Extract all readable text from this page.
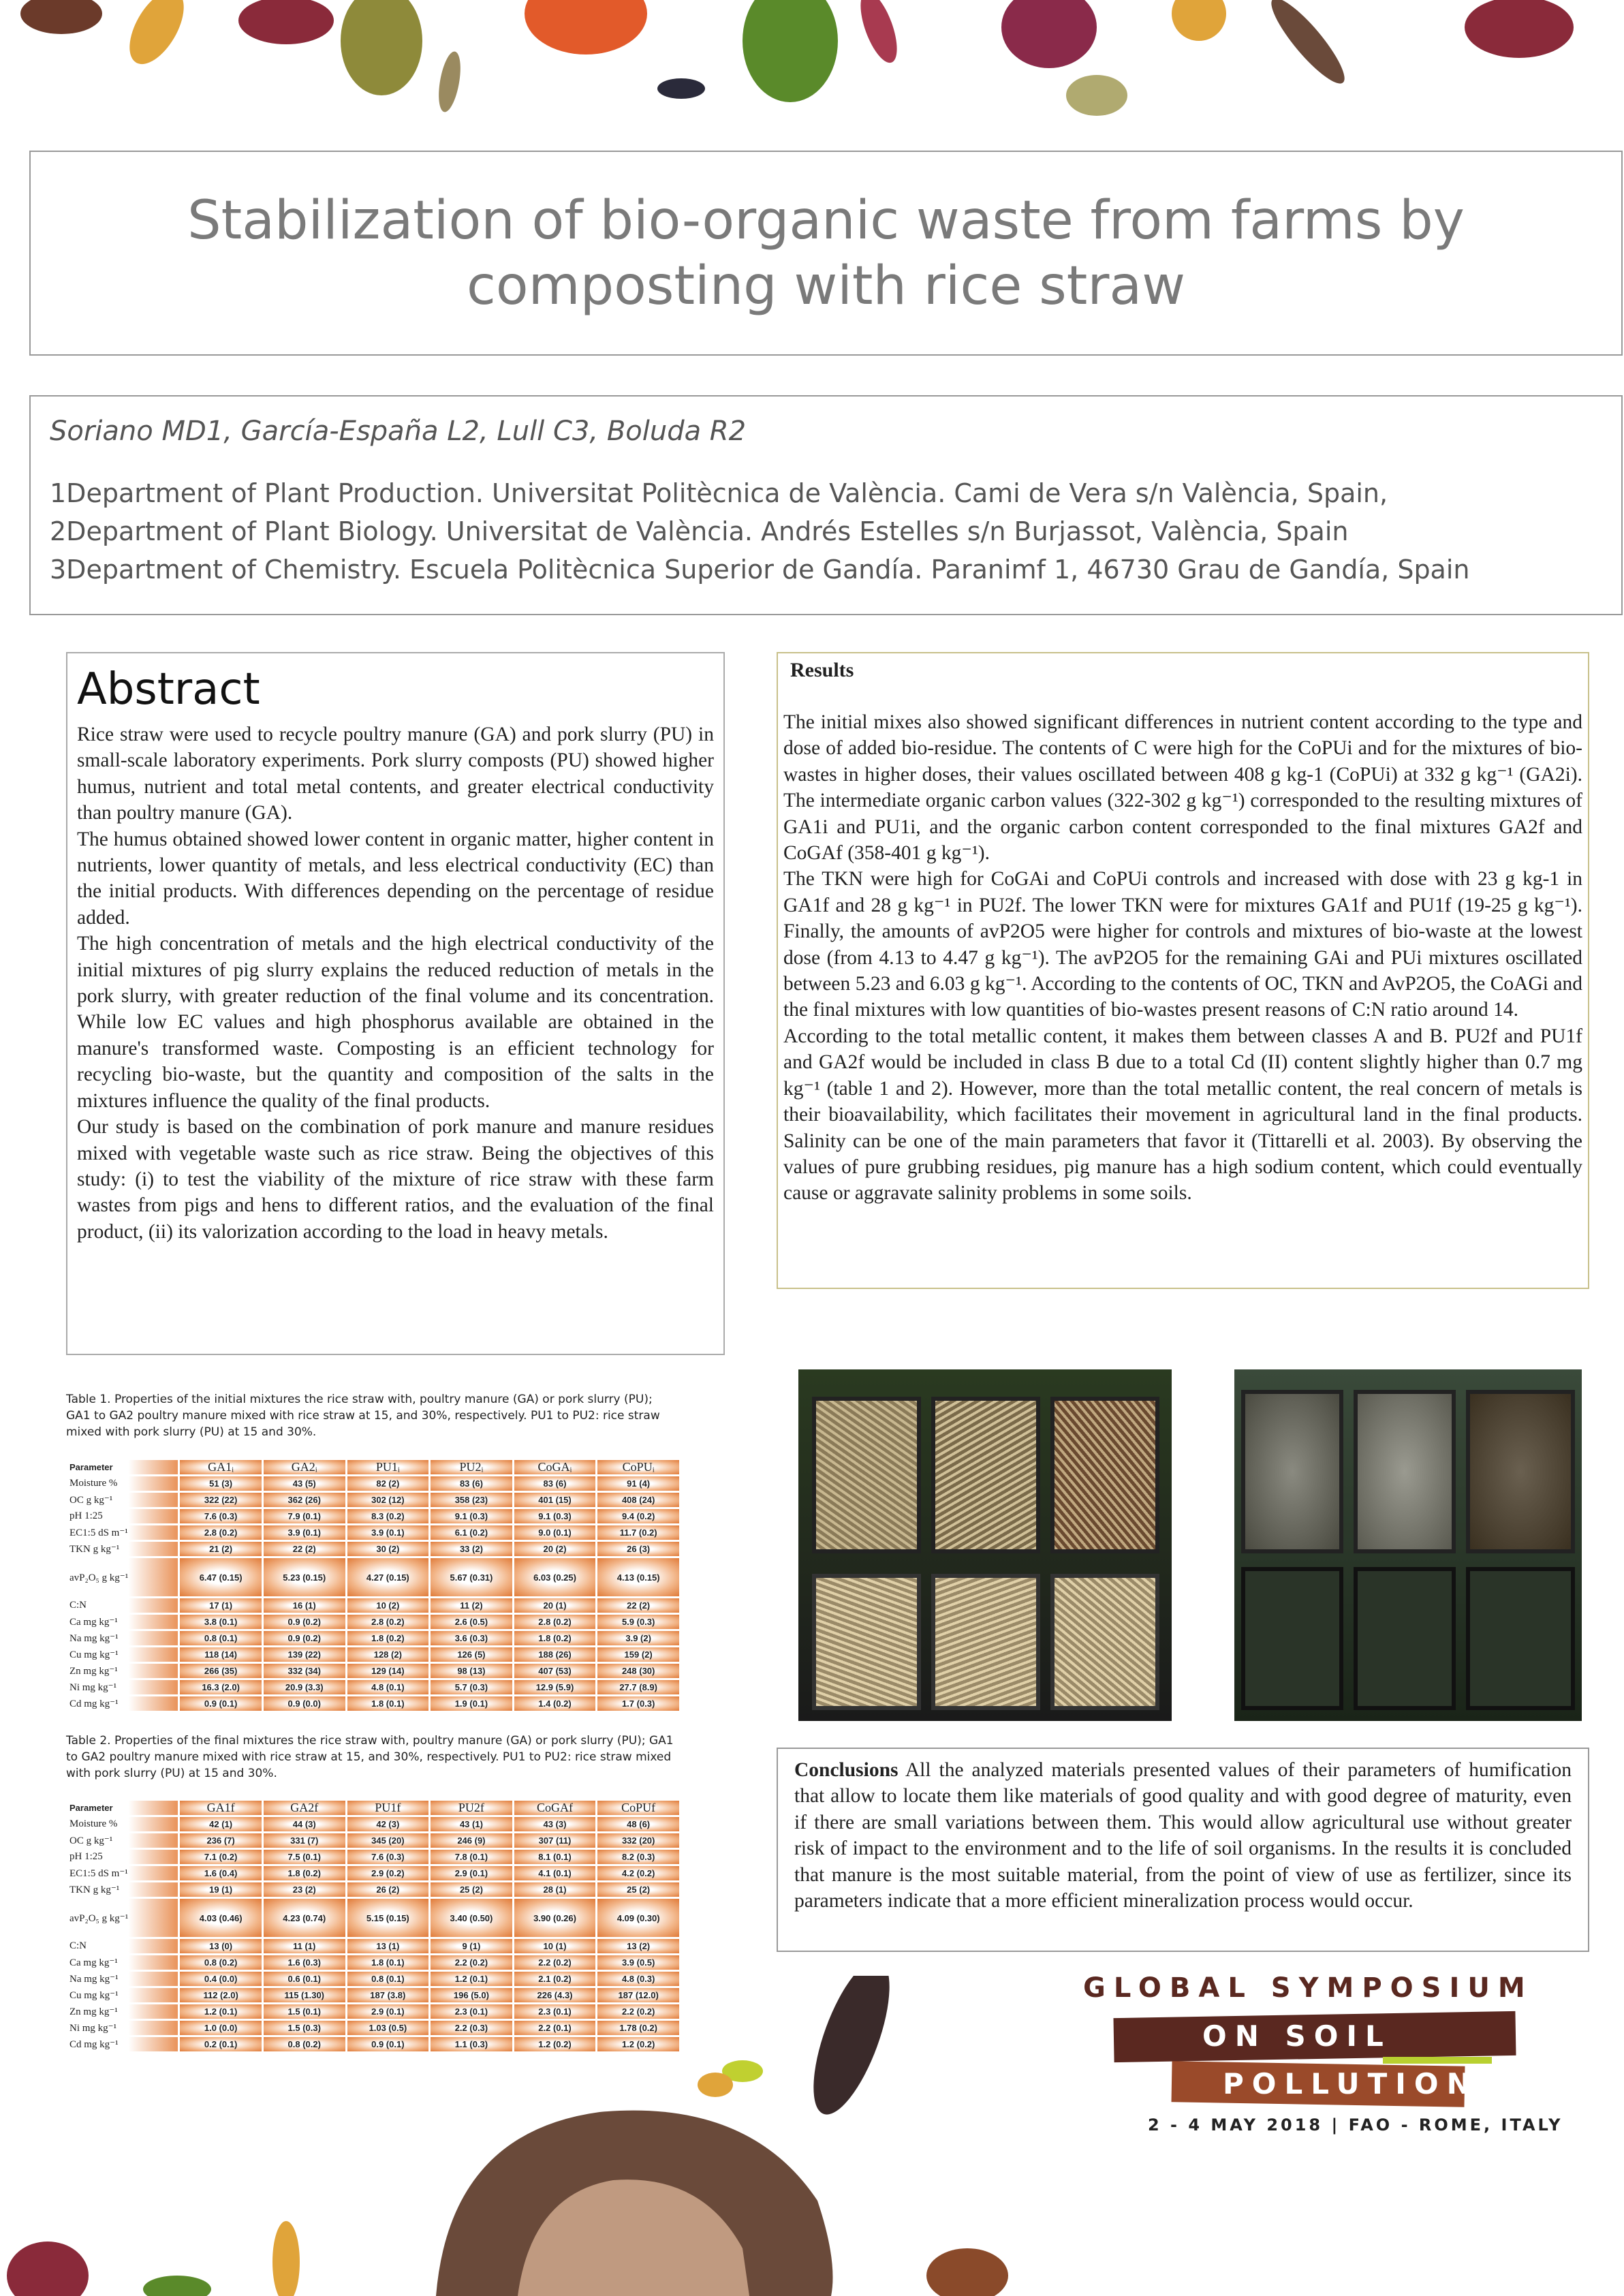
Stabilization of bio-organic waste from farms by composting with rice straw
Soriano MD1, García-España L2, Lull C3, Boluda R2
1Department of Plant Production. Universitat Politècnica de València. Cami de Vera s/n València, Spain,
2Department of Plant Biology. Universitat de València. Andrés Estelles s/n Burjassot, València, Spain
3Department of Chemistry. Escuela Politècnica Superior de Gandía. Paranimf 1, 46730 Grau de Gandía, Spain
Abstract

Rice straw were used to recycle poultry manure (GA) and pork slurry (PU) in small-scale laboratory experiments. Pork slurry composts (PU) showed higher humus, nutrient and total metal contents, and greater electrical conductivity than poultry manure (GA).

The humus obtained showed lower content in organic matter, higher content in nutrients, lower quantity of metals, and less electrical conductivity (EC) than the initial products. With differences depending on the percentage of residue added.

The high concentration of metals and the high electrical conductivity of the initial mixtures of pig slurry explains the reduced reduction of metals in the pork slurry, with greater reduction of the final volume and its concentration. While low EC values and high phosphorus available are obtained in the manure's transformed waste. Composting is an efficient technology for recycling bio-waste, but the quantity and composition of the salts in the mixtures influence the quality of the final products.

Our study is based on the combination of pork manure and manure residues mixed with vegetable waste such as rice straw. Being the objectives of this study: (i) to test the viability of the mixture of rice straw with these farm wastes from pigs and hens to different ratios, and the evaluation of the final product, (ii) its valorization according to the load in heavy metals.

Results

The initial mixes also showed significant differences in nutrient content according to the type and dose of added bio-residue. The contents of C were high for the CoPUi and for the mixtures of bio-wastes in higher doses, their values oscillated between 408 g kg-1 (CoPUi) at 332 g kg⁻¹ (GA2i). The intermediate organic carbon values (322-302 g kg⁻¹) corresponded to the resulting mixtures of GA1i and PU1i, and the organic carbon content corresponded to the final mixtures GA2f and CoGAf (358-401 g kg⁻¹).

The TKN were high for CoGAi and CoPUi controls and increased with dose with 23 g kg-1 in GA1f and 28 g kg⁻¹ in PU2f. The lower TKN were for mixtures GA1f and PU1f (19-25 g kg⁻¹). Finally, the amounts of avP2O5 were higher for controls and mixtures of bio-waste at the lowest dose (from 4.13 to 4.47 g kg⁻¹). The avP2O5 for the remaining GAi and PUi mixtures oscillated between 5.23 and 6.03 g kg⁻¹. According to the contents of OC, TKN and AvP2O5, the CoAGi and the final mixtures with low quantities of bio-wastes present reasons of C:N ratio around 14.

According to the total metallic content, it makes them between classes A and B. PU2f and PU1f and GA2f would be included in class B due to a total Cd (II) content slightly higher than 0.7 mg kg⁻¹ (table 1 and 2). However, more than the total metallic content, the real concern of metals is their bioavailability, which facilitates their movement in agricultural land in the final products. Salinity can be one of the main parameters that favor it (Tittarelli et al. 2003). By observing the values of pure grubbing residues, pig manure has a high sodium content, which could eventually cause or aggravate salinity problems in some soils.

Table 1. Properties of the initial mixtures the rice straw with, poultry manure (GA) or pork slurry (PU); GA1 to GA2 poultry manure mixed with rice straw at 15, and 30%, respectively. PU1 to PU2: rice straw mixed with pork slurry (PU) at 15 and 30%.
Parameter	GA1ᵢ	GA2ᵢ	PU1ᵢ	PU2ᵢ	CoGAᵢ	CoPUᵢ
Moisture %	51 (3)	43 (5)	82 (2)	83 (6)	83 (6)	91 (4)
OC g kg⁻¹	322 (22)	362 (26)	302 (12)	358 (23)	401 (15)	408 (24)
pH 1:25	7.6 (0.3)	7.9 (0.1)	8.3 (0.2)	9.1 (0.3)	9.1 (0.3)	9.4 (0.2)
EC1:5 dS m⁻¹	2.8 (0.2)	3.9 (0.1)	3.9 (0.1)	6.1 (0.2)	9.0 (0.1)	11.7 (0.2)
TKN g kg⁻¹	21 (2)	22 (2)	30 (2)	33 (2)	20 (2)	26 (3)
avP₂O₅ g kg⁻¹	6.47 (0.15)	5.23 (0.15)	4.27 (0.15)	5.67 (0.31)	6.03 (0.25)	4.13 (0.15)
C:N	17 (1)	16 (1)	10 (2)	11 (2)	20 (1)	22 (2)
Ca mg kg⁻¹	3.8 (0.1)	0.9 (0.2)	2.8 (0.2)	2.6 (0.5)	2.8 (0.2)	5.9 (0.3)
Na mg kg⁻¹	0.8 (0.1)	0.9 (0.2)	1.8 (0.2)	3.6 (0.3)	1.8 (0.2)	3.9 (2)
Cu mg kg⁻¹	118 (14)	139 (22)	128 (2)	126 (5)	188 (26)	159 (2)
Zn mg kg⁻¹	266 (35)	332 (34)	129 (14)	98 (13)	407 (53)	248 (30)
Ni mg kg⁻¹	16.3 (2.0)	20.9 (3.3)	4.8 (0.1)	5.7 (0.3)	12.9 (5.9)	27.7 (8.9)
Cd mg kg⁻¹	0.9 (0.1)	0.9 (0.0)	1.8 (0.1)	1.9 (0.1)	1.4 (0.2)	1.7 (0.3)
Table 2. Properties of the final mixtures the rice straw with, poultry manure (GA) or pork slurry (PU); GA1 to GA2 poultry manure mixed with rice straw at 15, and 30%, respectively. PU1 to PU2: rice straw mixed with pork slurry (PU) at 15 and 30%.
Parameter	GA1f	GA2f	PU1f	PU2f	CoGAf	CoPUf
Moisture %	42 (1)	44 (3)	42 (3)	43 (1)	43 (3)	48 (6)
OC g kg⁻¹	236 (7)	331 (7)	345 (20)	246 (9)	307 (11)	332 (20)
pH 1:25	7.1 (0.2)	7.5 (0.1)	7.6 (0.3)	7.8 (0.1)	8.1 (0.1)	8.2 (0.3)
EC1:5 dS m⁻¹	1.6 (0.4)	1.8 (0.2)	2.9 (0.2)	2.9 (0.1)	4.1 (0.1)	4.2 (0.2)
TKN g kg⁻¹	19 (1)	23 (2)	26 (2)	25 (2)	28 (1)	25 (2)
avP₂O₅ g kg⁻¹	4.03 (0.46)	4.23 (0.74)	5.15 (0.15)	3.40 (0.50)	3.90 (0.26)	4.09 (0.30)
C:N	13 (0)	11 (1)	13 (1)	9 (1)	10 (1)	13 (2)
Ca mg kg⁻¹	0.8 (0.2)	1.6 (0.3)	1.8 (0.1)	2.2 (0.2)	2.2 (0.2)	3.9 (0.5)
Na mg kg⁻¹	0.4 (0.0)	0.6 (0.1)	0.8 (0.1)	1.2 (0.1)	2.1 (0.2)	4.8 (0.3)
Cu mg kg⁻¹	112 (2.0)	115 (1.30)	187 (3.8)	196 (5.0)	226 (4.3)	187 (12.0)
Zn mg kg⁻¹	1.2 (0.1)	1.5 (0.1)	2.9 (0.1)	2.3 (0.1)	2.3 (0.1)	2.2 (0.2)
Ni mg kg⁻¹	1.0 (0.0)	1.5 (0.3)	1.03 (0.5)	2.2 (0.3)	2.2 (0.1)	1.78 (0.2)
Cd mg kg⁻¹	0.2 (0.1)	0.8 (0.2)	0.9 (0.1)	1.1 (0.3)	1.2 (0.2)	1.2 (0.2)
Conclusions All the analyzed materials presented values of their parameters of humification that allow to locate them like materials of good quality and with good degree of maturity, even if there are small variations between them. This would allow agricultural use without greater risk of impact to the environment and to the life of soil organisms. In the results it is concluded that manure is the most suitable material, from the point of view of use as fertilizer, since its parameters indicate that a more efficient mineralization process would occur.
GLOBAL SYMPOSIUM
ON SOIL
POLLUTION
2 - 4 MAY 2018 | FAO - ROME, ITALY
